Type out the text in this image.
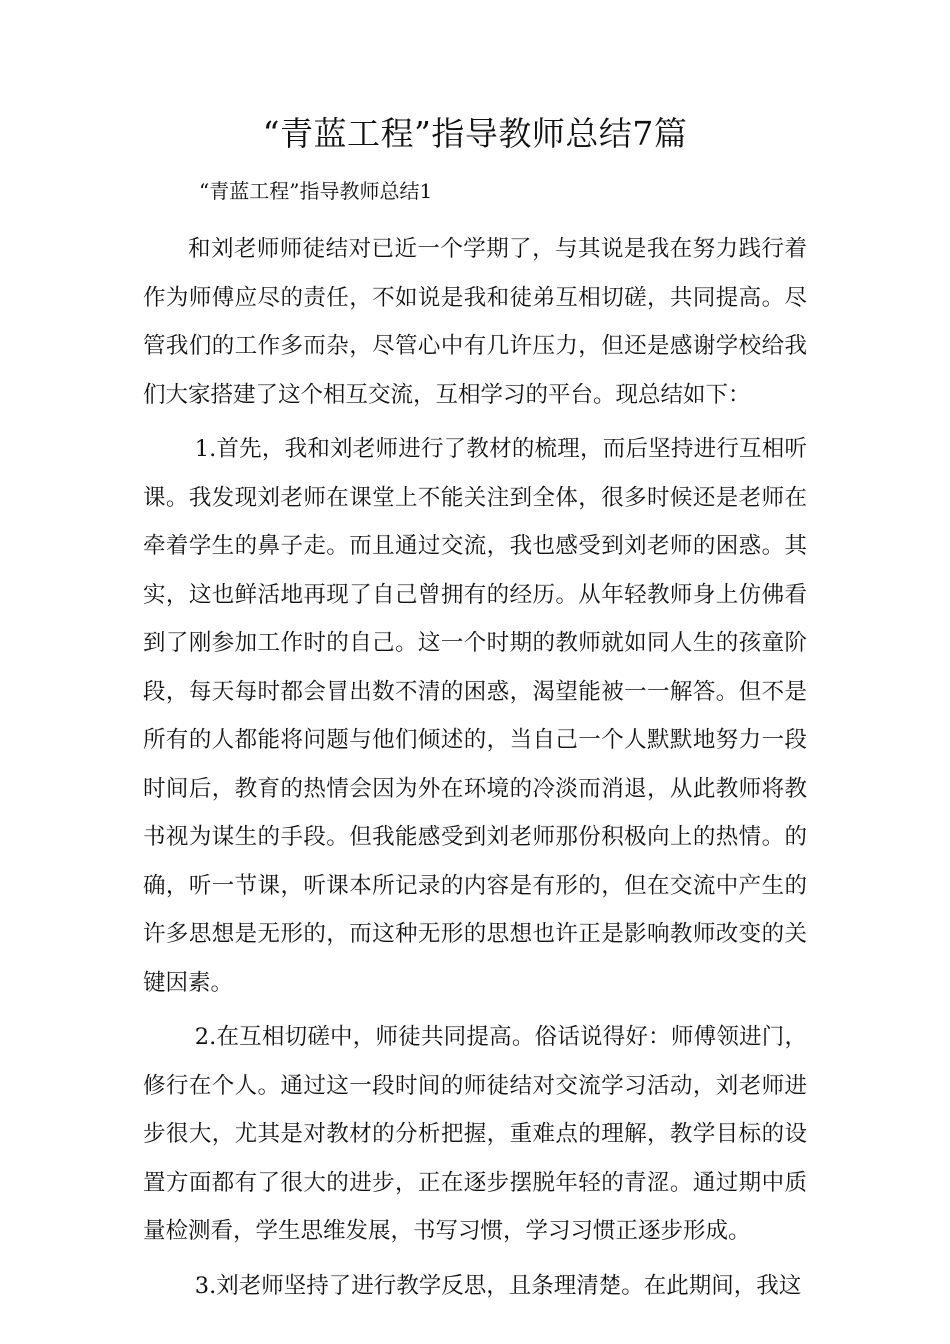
“青蓝工程”指导教师总结7篇
“青蓝工程”指导教师总结1

和刘老师师徒结对已近一个学期了，与其说是我在努力践行着作为师傅应尽的责任，不如说是我和徒弟互相切磋，共同提高。尽管我们的工作多而杂，尽管心中有几许压力，但还是感谢学校给我们大家搭建了这个相互交流，互相学习的平台。现总结如下：

1.首先，我和刘老师进行了教材的梳理，而后坚持进行互相听课。我发现刘老师在课堂上不能关注到全体，很多时候还是老师在牵着学生的鼻子走。而且通过交流，我也感受到刘老师的困惑。其实，这也鲜活地再现了自己曾拥有的经历。从年轻教师身上仿佛看到了刚参加工作时的自己。这一个时期的教师就如同人生的孩童阶段，每天每时都会冒出数不清的困惑，渴望能被一一解答。但不是所有的人都能将问题与他们倾述的，当自己一个人默默地努力一段时间后，教育的热情会因为外在环境的冷淡而消退，从此教师将教书视为谋生的手段。但我能感受到刘老师那份积极向上的热情。的确，听一节课，听课本所记录的内容是有形的，但在交流中产生的许多思想是无形的，而这种无形的思想也许正是影响教师改变的关键因素。

2.在互相切磋中，师徒共同提高。俗话说得好：师傅领进门，修行在个人。通过这一段时间的师徒结对交流学习活动，刘老师进步很大，尤其是对教材的分析把握，重难点的理解，教学目标的设置方面都有了很大的进步，正在逐步摆脱年轻的青涩。通过期中质量检测看，学生思维发展，书写习惯，学习习惯正逐步形成。

3.刘老师坚持了进行教学反思，且条理清楚。在此期间，我这
